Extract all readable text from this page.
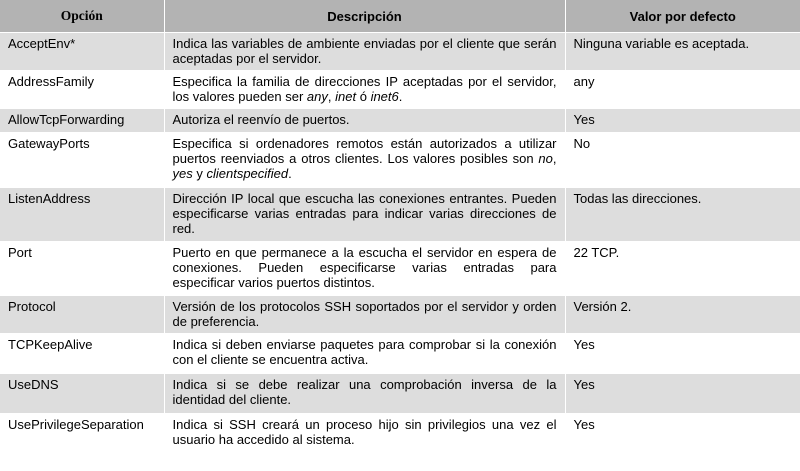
Opción	Descripción	Valor por defecto
AcceptEnv*	Indica las variables de ambiente enviadas por el cliente que serán aceptadas por el servidor.	Ninguna variable es aceptada.
AddressFamily	Especifica la familia de direcciones IP aceptadas por el servidor, los valores pueden ser any, inet ó inet6.	any
AllowTcpForwarding	Autoriza el reenvío de puertos.	Yes
GatewayPorts	Especifica si ordenadores remotos están autorizados a utilizar puertos reenviados a otros clientes. Los valores posibles son no, yes y clientspecified.	No
ListenAddress	Dirección IP local que escucha las conexiones entrantes. Pueden especificarse varias entradas para indicar varias direcciones de red.	Todas las direcciones.
Port	Puerto en que permanece a la escucha el servidor en espera de conexiones. Pueden especificarse varias entradas para especificar varios puertos distintos.	22 TCP.
Protocol	Versión de los protocolos SSH soportados por el servidor y orden de preferencia.	Versión 2.
TCPKeepAlive	Indica si deben enviarse paquetes para comprobar si la conexión con el cliente se encuentra activa.	Yes
UseDNS	Indica si se debe realizar una comprobación inversa de la identidad del cliente.	Yes
UsePrivilegeSeparation	Indica si SSH creará un proceso hijo sin privilegios una vez el usuario ha accedido al sistema.	Yes
